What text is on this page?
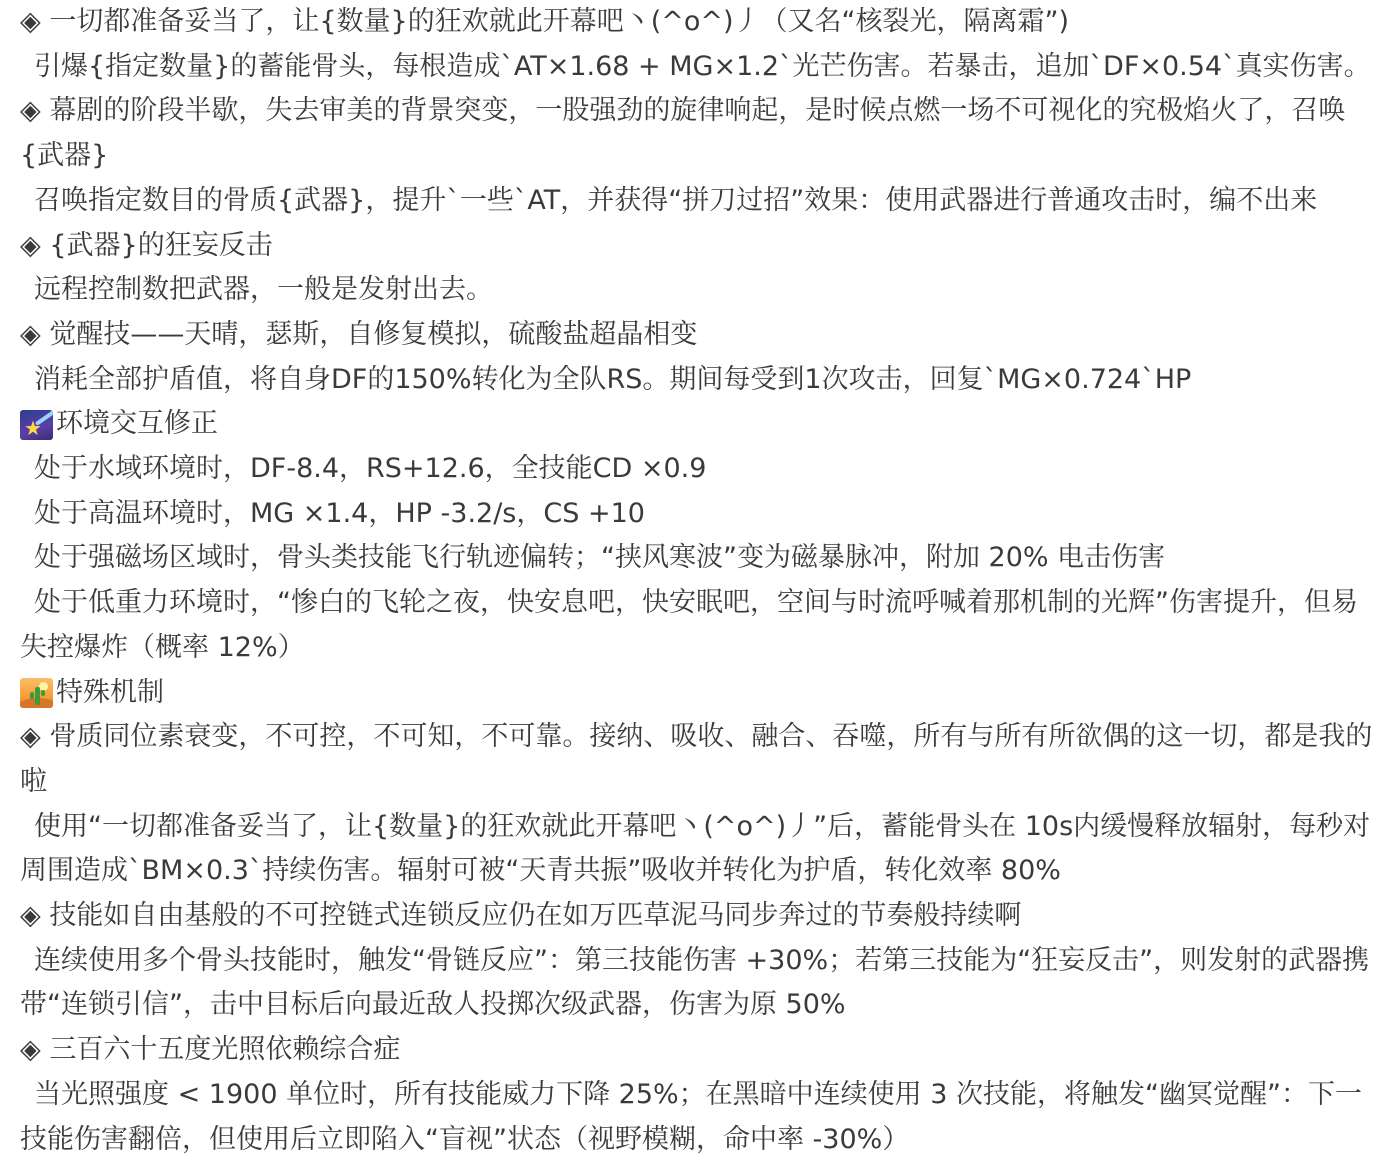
◈ 一切都准备妥当了，让{数量}的狂欢就此开幕吧丶(^o^)丿（又名“核裂光，隔离霜”)

引爆{指定数量}的蓄能骨头，每根造成`AT×1.68 + MG×1.2`光芒伤害。若暴击，追加`DF×0.54`真实伤害。

◈ 幕剧的阶段半歇，失去审美的背景突变，一股强劲的旋律响起，是时候点燃一场不可视化的究极焰火了，召唤{武器}

召唤指定数目的骨质{武器}，提升`一些`AT，并获得“拼刀过招”效果：使用武器进行普通攻击时，编不出来

◈ {武器}的狂妄反击

远程控制数把武器，一般是发射出去。

◈ 觉醒技——天晴，瑟斯，自修复模拟，硫酸盐超晶相变

消耗全部护盾值，将自身DF的150%转化为全队RS。期间每受到1次攻击，回复`MG×0.724`HP

★ 环境交互修正

处于水域环境时，DF-8.4，RS+12.6，全技能CD ×0.9

处于高温环境时，MG ×1.4，HP -3.2/s，CS +10

处于强磁场区域时，骨头类技能飞行轨迹偏转；“挟风寒波”变为磁暴脉冲，附加 20% 电击伤害

处于低重力环境时，“惨白的飞轮之夜，快安息吧，快安眠吧，空间与时流呼喊着那机制的光辉”伤害提升，但易失控爆炸（概率 12%）

特殊机制

◈ 骨质同位素衰变，不可控，不可知，不可靠。接纳、吸收、融合、吞噬，所有与所有所欲偶的这一切，都是我的啦

使用“一切都准备妥当了，让{数量}的狂欢就此开幕吧丶(^o^)丿”后，蓄能骨头在 10s内缓慢释放辐射，每秒对周围造成`BM×0.3`持续伤害。辐射可被“天青共振”吸收并转化为护盾，转化效率 80%

◈ 技能如自由基般的不可控链式连锁反应仍在如万匹草泥马同步奔过的节奏般持续啊

连续使用多个骨头技能时，触发“骨链反应”：第三技能伤害 +30%；若第三技能为“狂妄反击”，则发射的武器携带“连锁引信”，击中目标后向最近敌人投掷次级武器，伤害为原 50%

◈ 三百六十五度光照依赖综合症

当光照强度 < 1900 单位时，所有技能威力下降 25%；在黑暗中连续使用 3 次技能，将触发“幽冥觉醒”：下一技能伤害翻倍，但使用后立即陷入“盲视”状态（视野模糊，命中率 -30%）
